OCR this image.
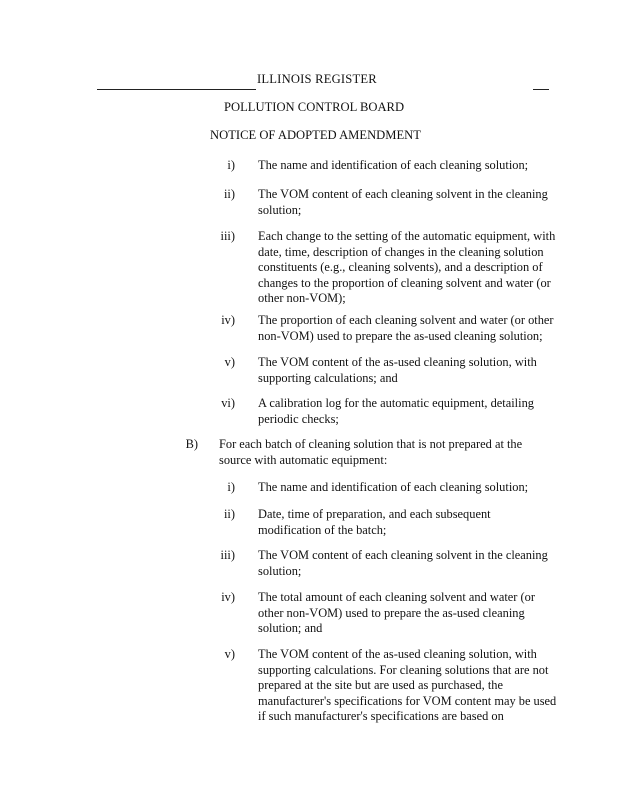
ILLINOIS REGISTER
POLLUTION CONTROL BOARD
NOTICE OF ADOPTED AMENDMENT
i) The name and identification of each cleaning solution;
ii) The VOM content of each cleaning solvent in the cleaning solution;
iii) Each change to the setting of the automatic equipment, with date, time, description of changes in the cleaning solution constituents (e.g., cleaning solvents), and a description of changes to the proportion of cleaning solvent and water (or other non-VOM);
iv) The proportion of each cleaning solvent and water (or other non-VOM) used to prepare the as-used cleaning solution;
v) The VOM content of the as-used cleaning solution, with supporting calculations; and
vi) A calibration log for the automatic equipment, detailing periodic checks;
B) For each batch of cleaning solution that is not prepared at the source with automatic equipment:
i) The name and identification of each cleaning solution;
ii) Date, time of preparation, and each subsequent modification of the batch;
iii) The VOM content of each cleaning solvent in the cleaning solution;
iv) The total amount of each cleaning solvent and water (or other non-VOM) used to prepare the as-used cleaning solution; and
v) The VOM content of the as-used cleaning solution, with supporting calculations. For cleaning solutions that are not prepared at the site but are used as purchased, the manufacturer's specifications for VOM content may be used if such manufacturer's specifications are based on
